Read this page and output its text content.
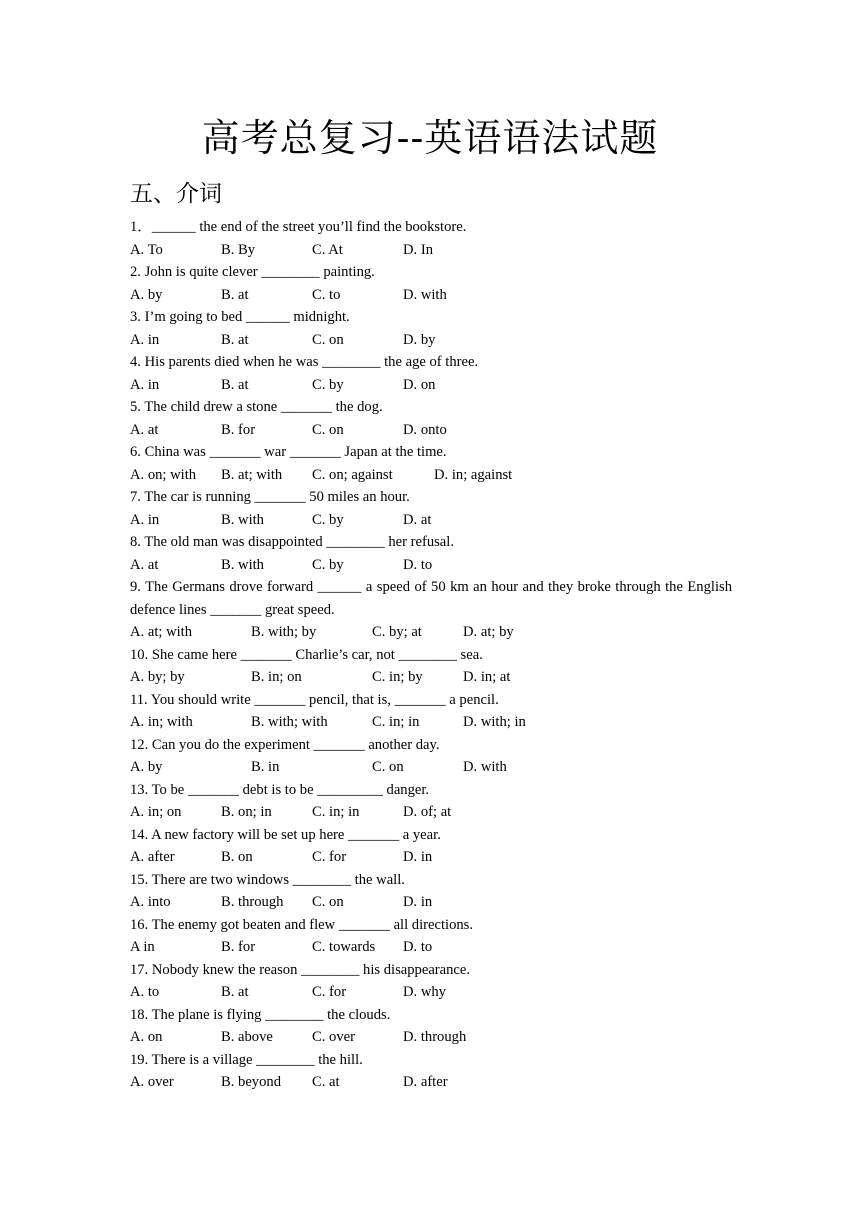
高考总复习--英语语法试题
五、介词

1．______ the end of the street you’ll find the bookstore.

A. To	B. By	C. At	D. In

2. John is quite clever ________ painting.

A. by	B. at	C. to	D. with

3. I’m going to bed ______ midnight.

A. in	B. at	C. on	D. by

4. His parents died when he was ________ the age of three.

A. in	B. at	C. by	D. on

5. The child drew a stone _______ the dog.

A. at	B. for	C. on	D. onto

6. China was _______ war _______ Japan at the time.

A. on; with	B. at; with	C. on; against	D. in; against

7. The car is running _______ 50 miles an hour.

A. in	B. with	C. by	D. at

8. The old man was disappointed ________ her refusal.

A. at	B. with	C. by	D. to

9. The Germans drove forward ______ a speed of 50 km an hour and they broke through the English defence lines _______ great speed.

A. at; with	B. with; by	C. by; at	D. at; by

10. She came here _______ Charlie’s car, not ________ sea.

A. by; by	B. in; on	C. in; by	D. in; at

11. You should write _______ pencil, that is, _______ a pencil.

A. in; with	B. with; with	C. in; in	D. with; in

12. Can you do the experiment _______ another day.

A. by	B. in	C. on	D. with

13. To be _______ debt is to be _________ danger.

A. in; on	B. on; in	C. in; in	D. of; at

14. A new factory will be set up here _______ a year.

A. after	B. on	C. for	D. in

15. There are two windows ________ the wall.

A. into	B. through	C. on	D. in

16. The enemy got beaten and flew _______ all directions.

A in	B. for	C. towards	D. to

17. Nobody knew the reason ________ his disappearance.

A. to	B. at	C. for	D. why

18. The plane is flying ________ the clouds.

A. on	B. above	C. over	D. through

19. There is a village ________ the hill.

A. over	B. beyond	C. at	D. after
